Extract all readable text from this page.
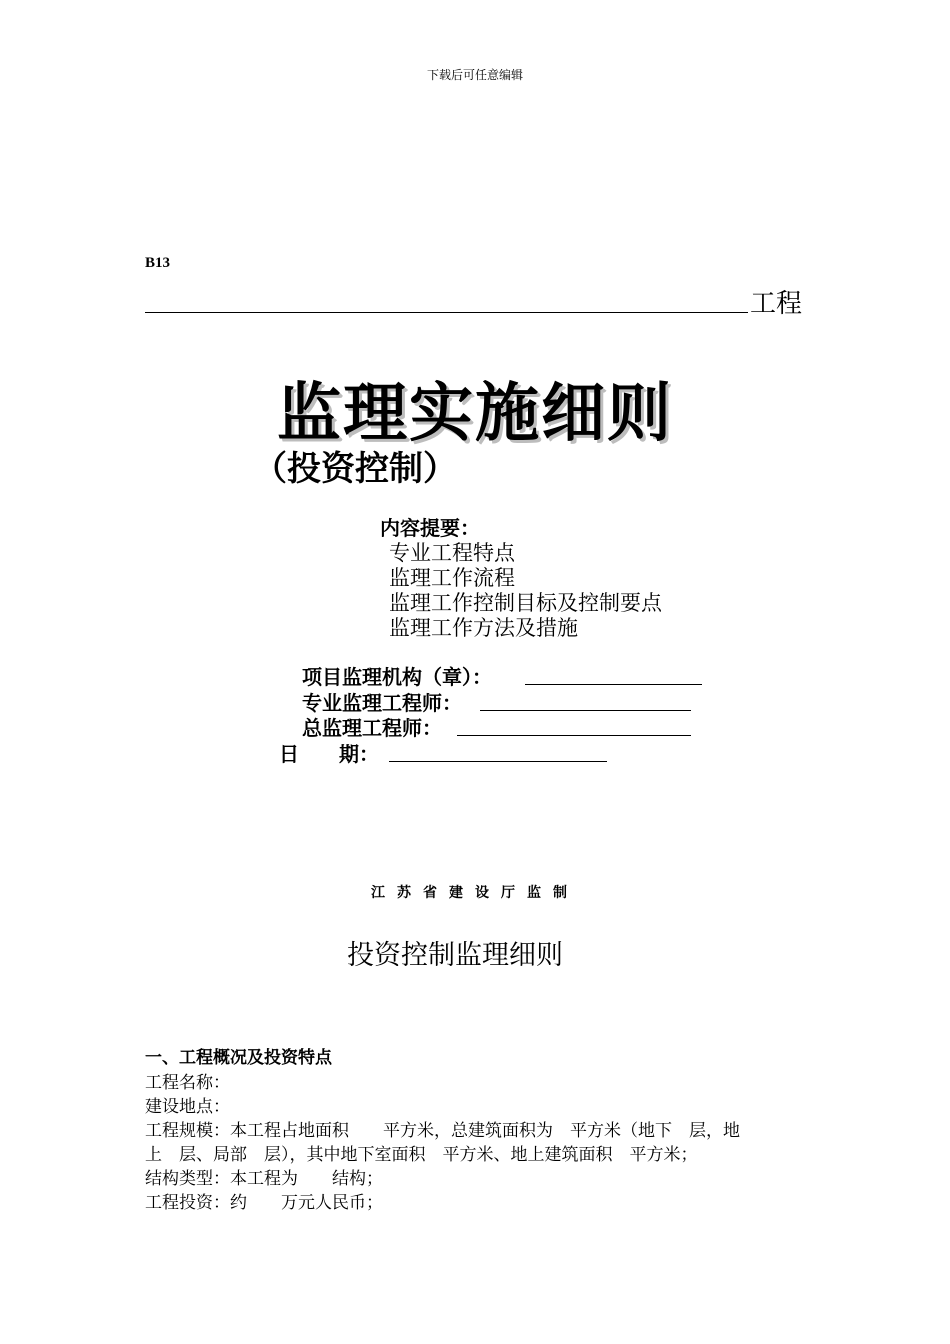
下载后可任意编辑
B13
工程
监理实施细则
（投资控制）
内容提要：
专业工程特点
监理工作流程
监理工作控制目标及控制要点
监理工作方法及措施
项目监理机构（章）：
专业监理工程师：
总监理工程师：
日　　期：
江苏省建设厅监制
投资控制监理细则
一、工程概况及投资特点
工程名称：
建设地点：
工程规模：本工程占地面积　　平方米，总建筑面积为　平方米（地下　层，地
上　层、局部　层），其中地下室面积　平方米、地上建筑面积　平方米；
结构类型：本工程为　　结构；
工程投资：约　　万元人民币；
